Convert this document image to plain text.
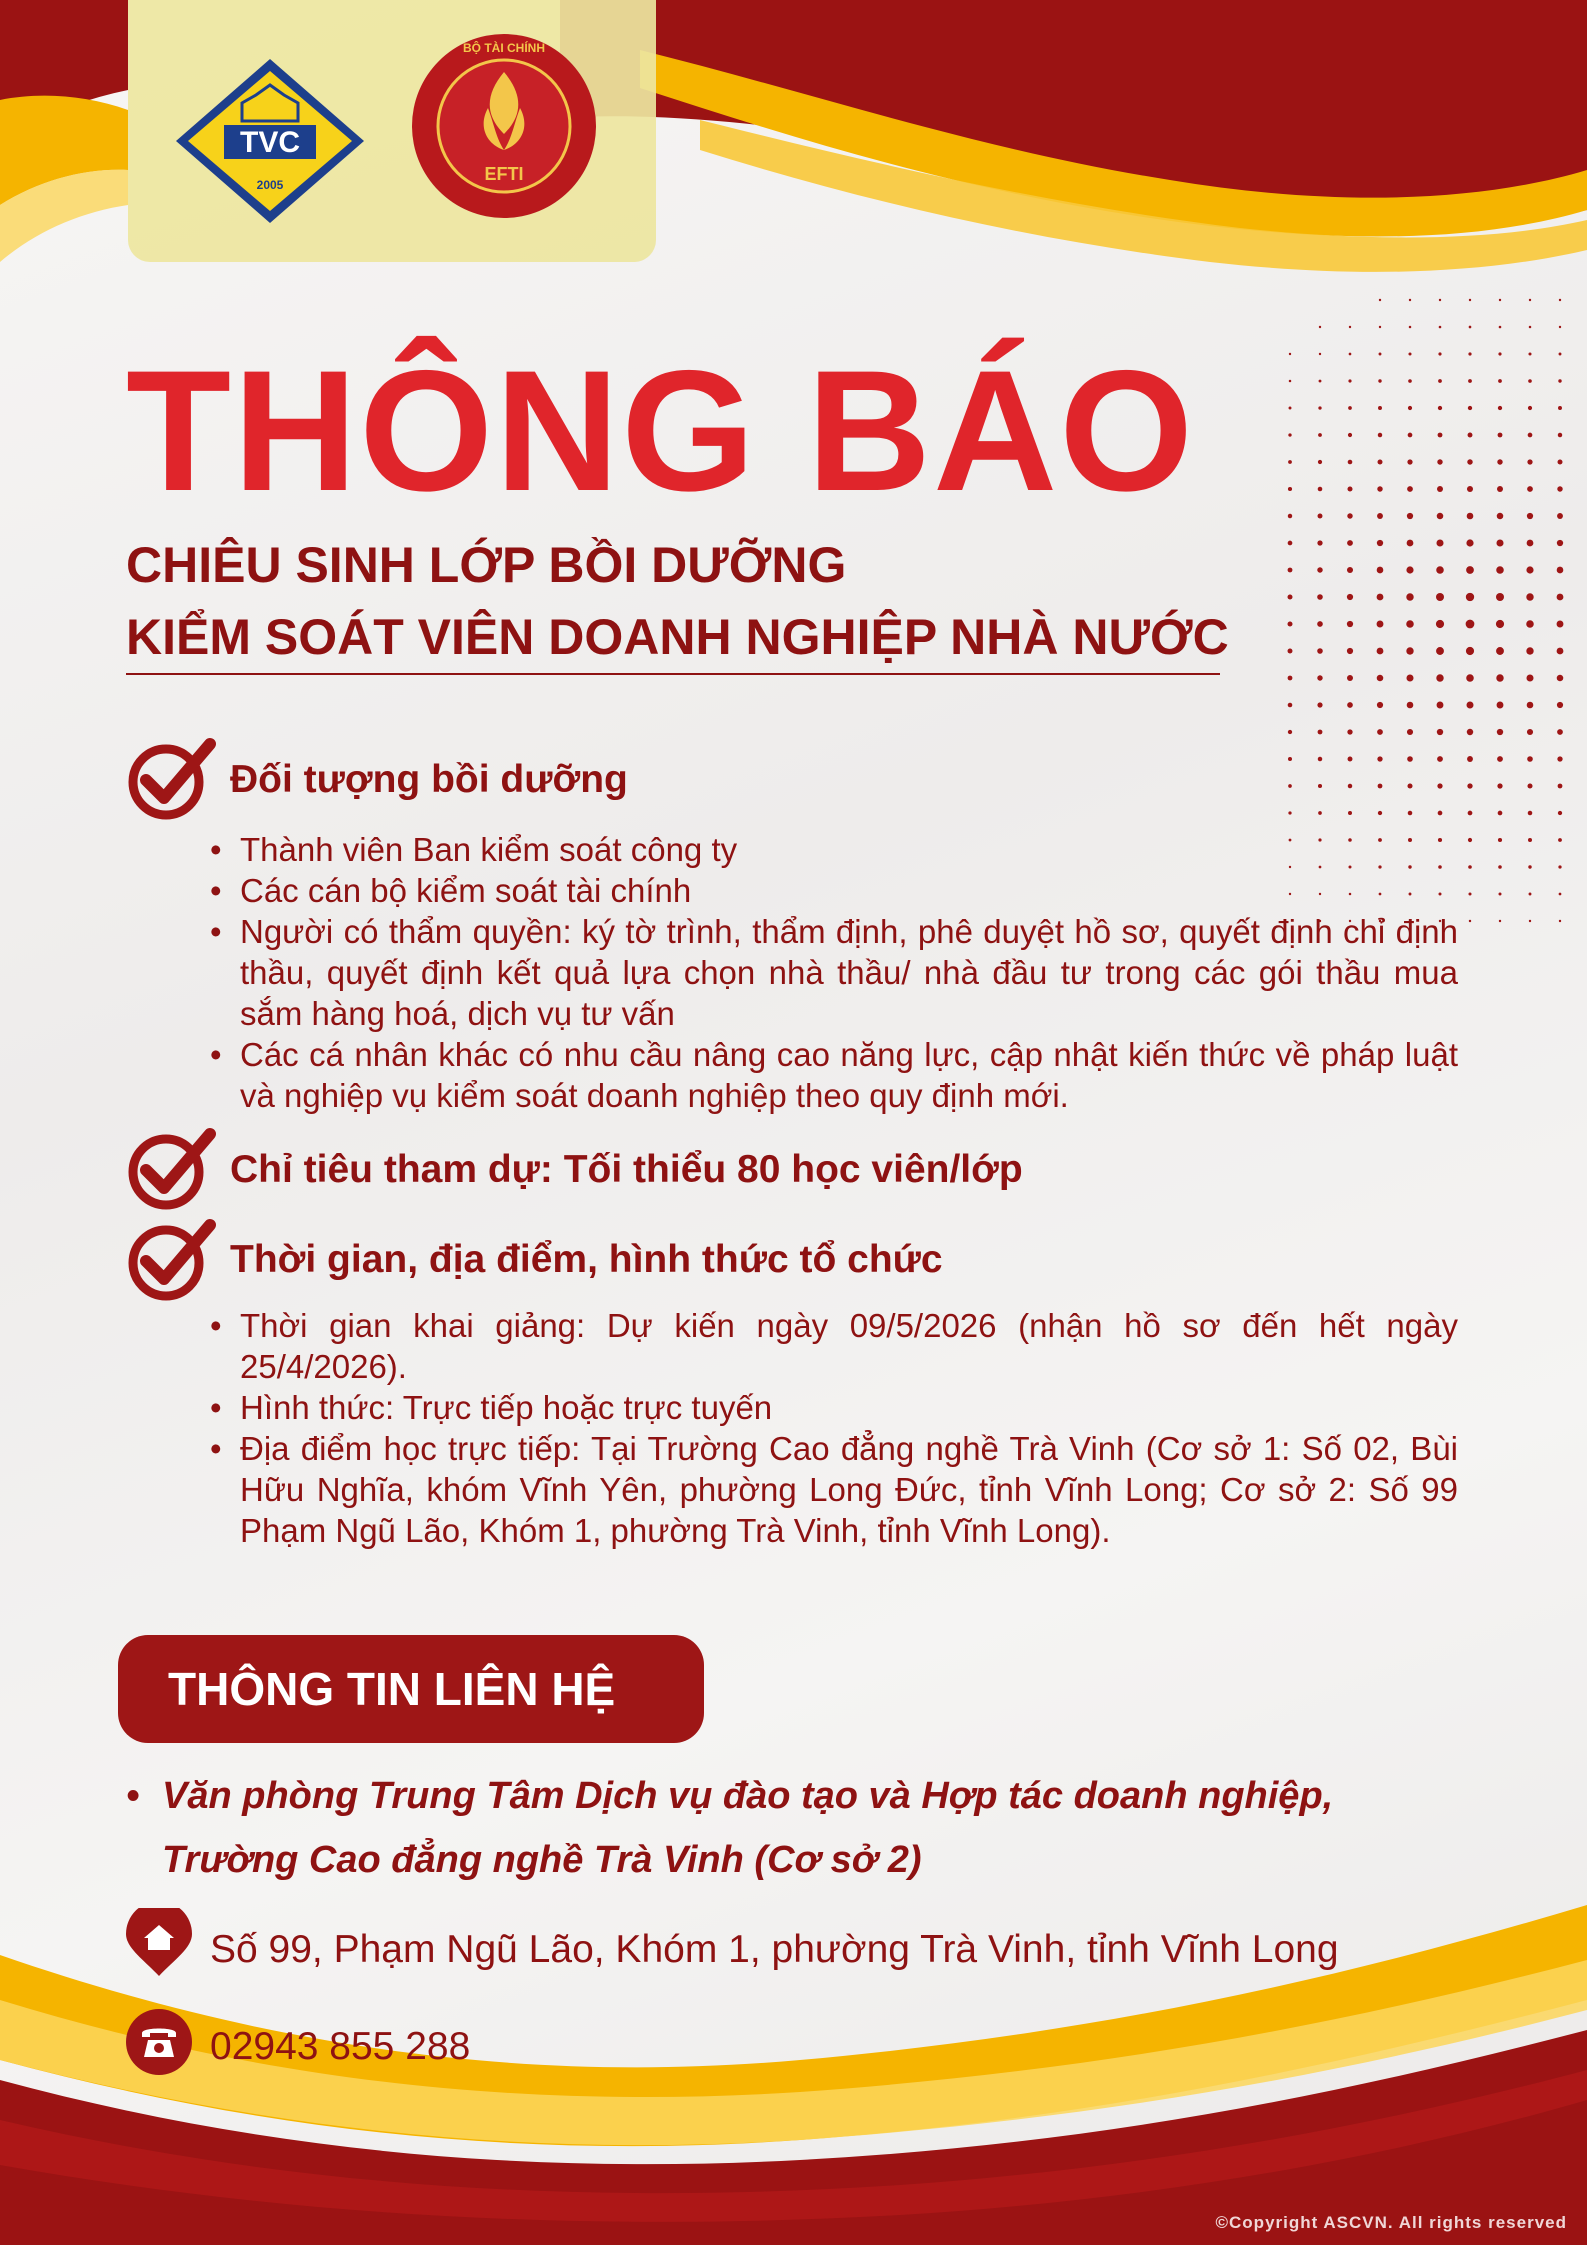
TVC
2005
EFTI
BỘ TÀI CHÍNH
THÔNG BÁO
CHIÊU SINH LỚP BỒI DƯỠNG
KIỂM SOÁT VIÊN DOANH NGHIỆP NHÀ NƯỚC
Đối tượng bồi dưỡng
• Thành viên Ban kiểm soát công ty
• Các cán bộ kiểm soát tài chính
• Người có thẩm quyền: ký tờ trình, thẩm định, phê duyệt hồ sơ, quyết định chỉ định thầu, quyết định kết quả lựa chọn nhà thầu/ nhà đầu tư trong các gói thầu mua sắm hàng hoá, dịch vụ tư vấn
• Các cá nhân khác có nhu cầu nâng cao năng lực, cập nhật kiến thức về pháp luật và nghiệp vụ kiểm soát doanh nghiệp theo quy định mới.
Chỉ tiêu tham dự: Tối thiểu 80 học viên/lớp
Thời gian, địa điểm, hình thức tổ chức
• Thời gian khai giảng: Dự kiến ngày 09/5/2026 (nhận hồ sơ đến hết ngày 25/4/2026).
• Hình thức: Trực tiếp hoặc trực tuyến
• Địa điểm học trực tiếp: Tại Trường Cao đẳng nghề Trà Vinh (Cơ sở 1: Số 02, Bùi Hữu Nghĩa, khóm Vĩnh Yên, phường Long Đức, tỉnh Vĩnh Long; Cơ sở 2: Số 99 Phạm Ngũ Lão, Khóm 1, phường Trà Vinh, tỉnh Vĩnh Long).
THÔNG TIN LIÊN HỆ
• Văn phòng Trung Tâm Dịch vụ đào tạo và Hợp tác doanh nghiệp,
Trường Cao đẳng nghề Trà Vinh (Cơ sở 2)
Số 99, Phạm Ngũ Lão, Khóm 1, phường Trà Vinh, tỉnh Vĩnh Long
02943 855 288
©Copyright ASCVN. All rights reserved
